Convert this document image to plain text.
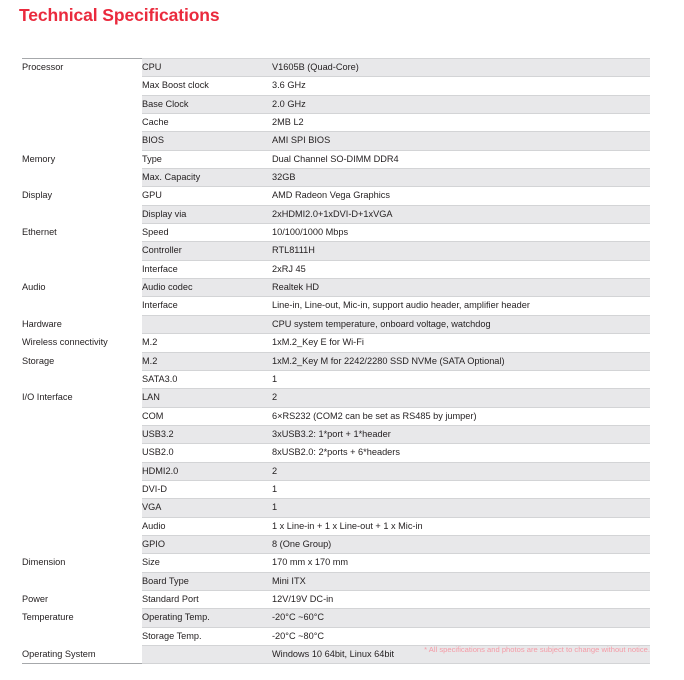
Technical Specifications
Processor	CPU	V1605B (Quad-Core)
	Max Boost clock	3.6 GHz
	Base Clock	2.0 GHz
	Cache	2MB L2
	BIOS	AMI SPI BIOS
Memory	Type	Dual Channel SO-DIMM DDR4
	Max. Capacity	32GB
Display	GPU	AMD Radeon Vega Graphics
	Display via	2xHDMI2.0+1xDVI-D+1xVGA
Ethernet	Speed	10/100/1000 Mbps
	Controller	RTL8111H
	Interface	2xRJ 45
Audio	Audio codec	Realtek HD
	Interface	Line-in, Line-out, Mic-in, support audio header, amplifier header
Hardware		CPU system temperature, onboard voltage, watchdog
Wireless connectivity	M.2	1xM.2_Key E for Wi-Fi
Storage	M.2	1xM.2_Key M for 2242/2280 SSD NVMe (SATA Optional)
	SATA3.0	1
I/O Interface	LAN	2
	COM	6×RS232 (COM2 can be set as RS485 by jumper)
	USB3.2	3xUSB3.2: 1*port + 1*header
	USB2.0	8xUSB2.0: 2*ports + 6*headers
	HDMI2.0	2
	DVI-D	1
	VGA	1
	Audio	1 x Line-in + 1 x Line-out + 1 x Mic-in
	GPIO	8 (One Group)
Dimension	Size	170 mm x 170 mm
	Board Type	Mini ITX
Power	Standard Port	12V/19V DC-in
Temperature	Operating Temp.	-20°C ~60°C
	Storage Temp.	-20°C ~80°C
Operating System		Windows 10 64bit, Linux 64bit	* All specifications and photos are subject to change without notice.
